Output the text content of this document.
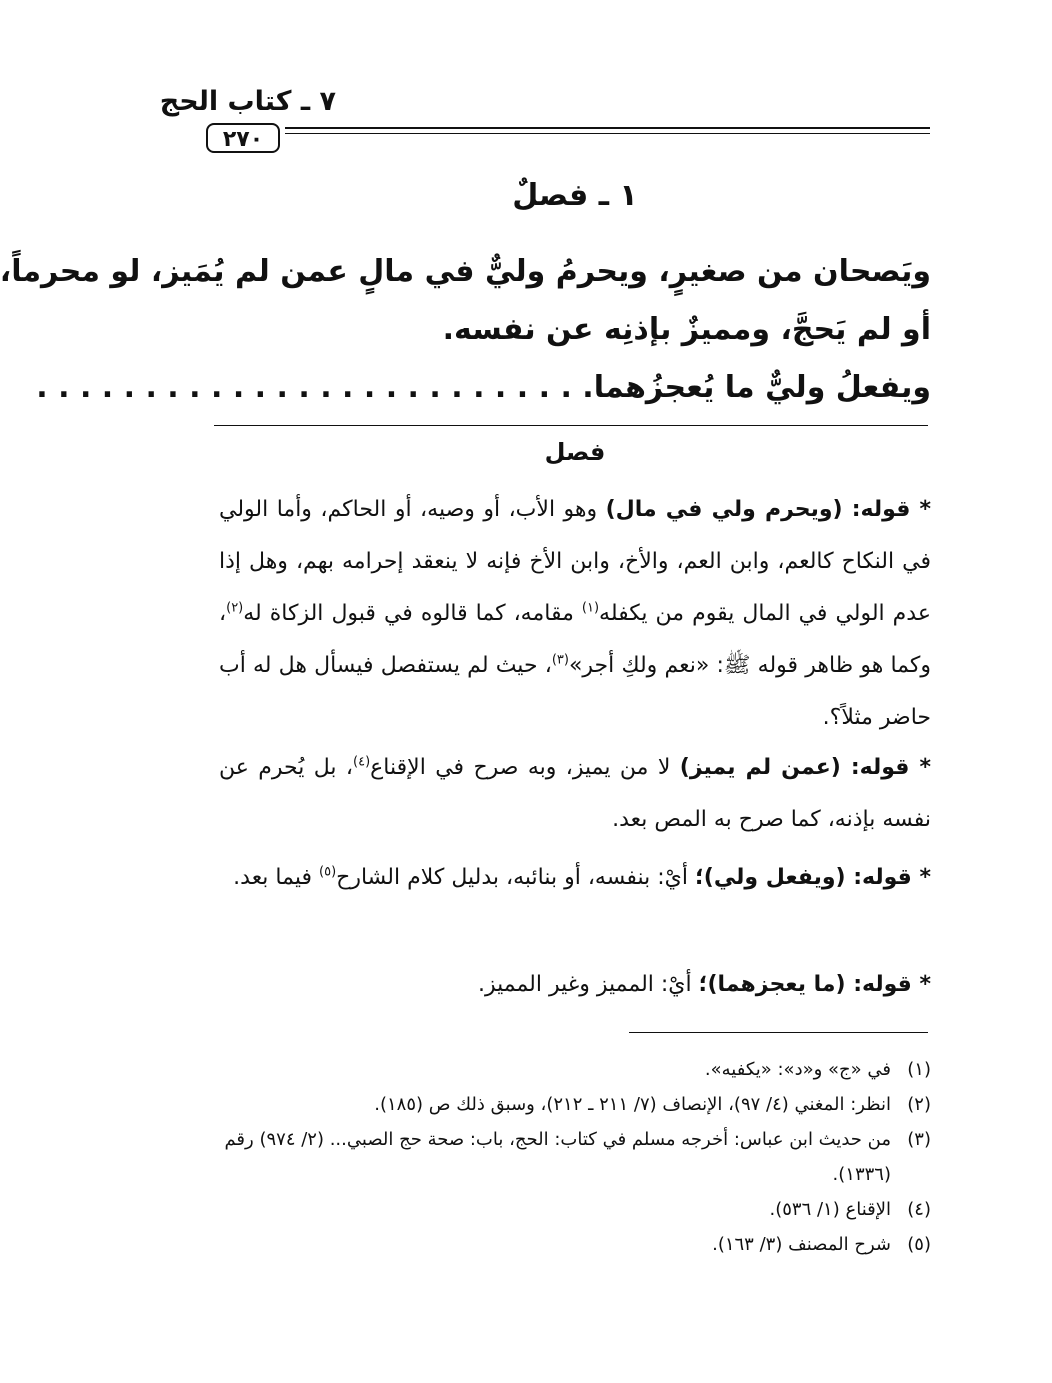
٧ ـ كتاب الحج
٢٧٠
١ ـ فصلٌ
ويَصحان من صغيرٍ، ويحرمُ وليٌّ في مالٍ عمن لم يُمَيز، لو محرماً،
أو لم يَحجَّ، ومميزٌ بإذنِه عن نفسه.
ويفعلُ وليٌّ ما يُعجزُهما. . . . . . . . . . . . . . . . . . . . . . . . . .
فصل
* قوله: (ويحرم ولي في مال) وهو الأب، أو وصيه، أو الحاكم، وأما الولي في النكاح كالعم، وابن العم، والأخ، وابن الأخ فإنه لا ينعقد إحرامه بهم، وهل إذا عدم الولي في المال يقوم من يكفله$^{(١)}$ مقامه، كما قالوه في قبول الزكاة له$^{(٢)}$، وكما هو ظاهر قوله ﷺ: «نعم ولكِ أجر»$^{(٣)}$، حيث لم يستفصل فيسأل هل له أب حاضر مثلاً؟.
* قوله: (عمن لم يميز) لا من يميز، وبه صرح في الإقناع$^{(٤)}$، بل يُحرم عن نفسه بإذنه، كما صرح به المص بعد.
* قوله: (ويفعل ولي)؛ أيْ: بنفسه، أو بنائبه، بدليل كلام الشارح$^{(٥)}$ فيما بعد.
* قوله: (ما يعجزهما)؛ أيْ: المميز وغير المميز.
(١)
في «ج» و«د»: «يكفيه».
(٢)
انظر: المغني (٤/ ٩٧)، الإنصاف (٧/ ٢١١ ـ ٢١٢)، وسبق ذلك ص (١٨٥).
(٣)
من حديث ابن عباس: أخرجه مسلم في كتاب: الحج، باب: صحة حج الصبي... (٢/ ٩٧٤) رقم (١٣٣٦).
(٤)
الإقناع (١/ ٥٣٦).
(٥)
شرح المصنف (٣/ ١٦٣).
